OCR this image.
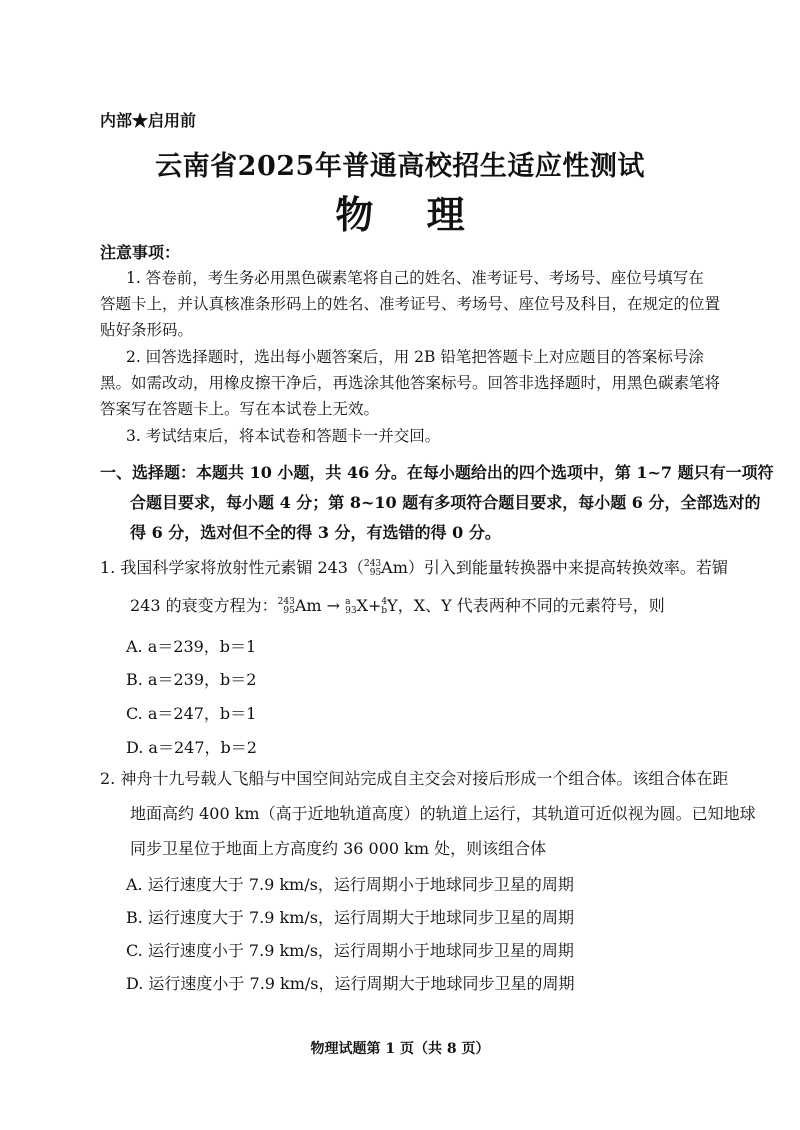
内部★启用前
云南省2025年普通高校招生适应性测试
物 理
注意事项：
1. 答卷前，考生务必用黑色碳素笔将自己的姓名、准考证号、考场号、座位号填写在
答题卡上，并认真核准条形码上的姓名、准考证号、考场号、座位号及科目，在规定的位置
贴好条形码。
2. 回答选择题时，选出每小题答案后，用 2B 铅笔把答题卡上对应题目的答案标号涂
黑。如需改动，用橡皮擦干净后，再选涂其他答案标号。回答非选择题时，用黑色碳素笔将
答案写在答题卡上。写在本试卷上无效。
3. 考试结束后，将本试卷和答题卡一并交回。
一、选择题：本题共 10 小题，共 46 分。在每小题给出的四个选项中，第 1~7 题只有一项符
合题目要求，每小题 4 分；第 8~10 题有多项符合题目要求，每小题 6 分，全部选对的
得 6 分，选对但不全的得 3 分，有选错的得 0 分。
1. 我国科学家将放射性元素镅 243（243
95Am）引入到能量转换器中来提高转换效率。若镅
243 的衰变方程为：243
95Am → a
93X+4
bY，X、Y 代表两种不同的元素符号，则
A. a＝239，b＝1
B. a＝239，b＝2
C. a＝247，b＝1
D. a＝247，b＝2
2. 神舟十九号载人飞船与中国空间站完成自主交会对接后形成一个组合体。该组合体在距
地面高约 400 km（高于近地轨道高度）的轨道上运行，其轨道可近似视为圆。已知地球
同步卫星位于地面上方高度约 36 000 km 处，则该组合体
A. 运行速度大于 7.9 km/s，运行周期小于地球同步卫星的周期
B. 运行速度大于 7.9 km/s，运行周期大于地球同步卫星的周期
C. 运行速度小于 7.9 km/s，运行周期小于地球同步卫星的周期
D. 运行速度小于 7.9 km/s，运行周期大于地球同步卫星的周期
物理试题第 1 页（共 8 页）
